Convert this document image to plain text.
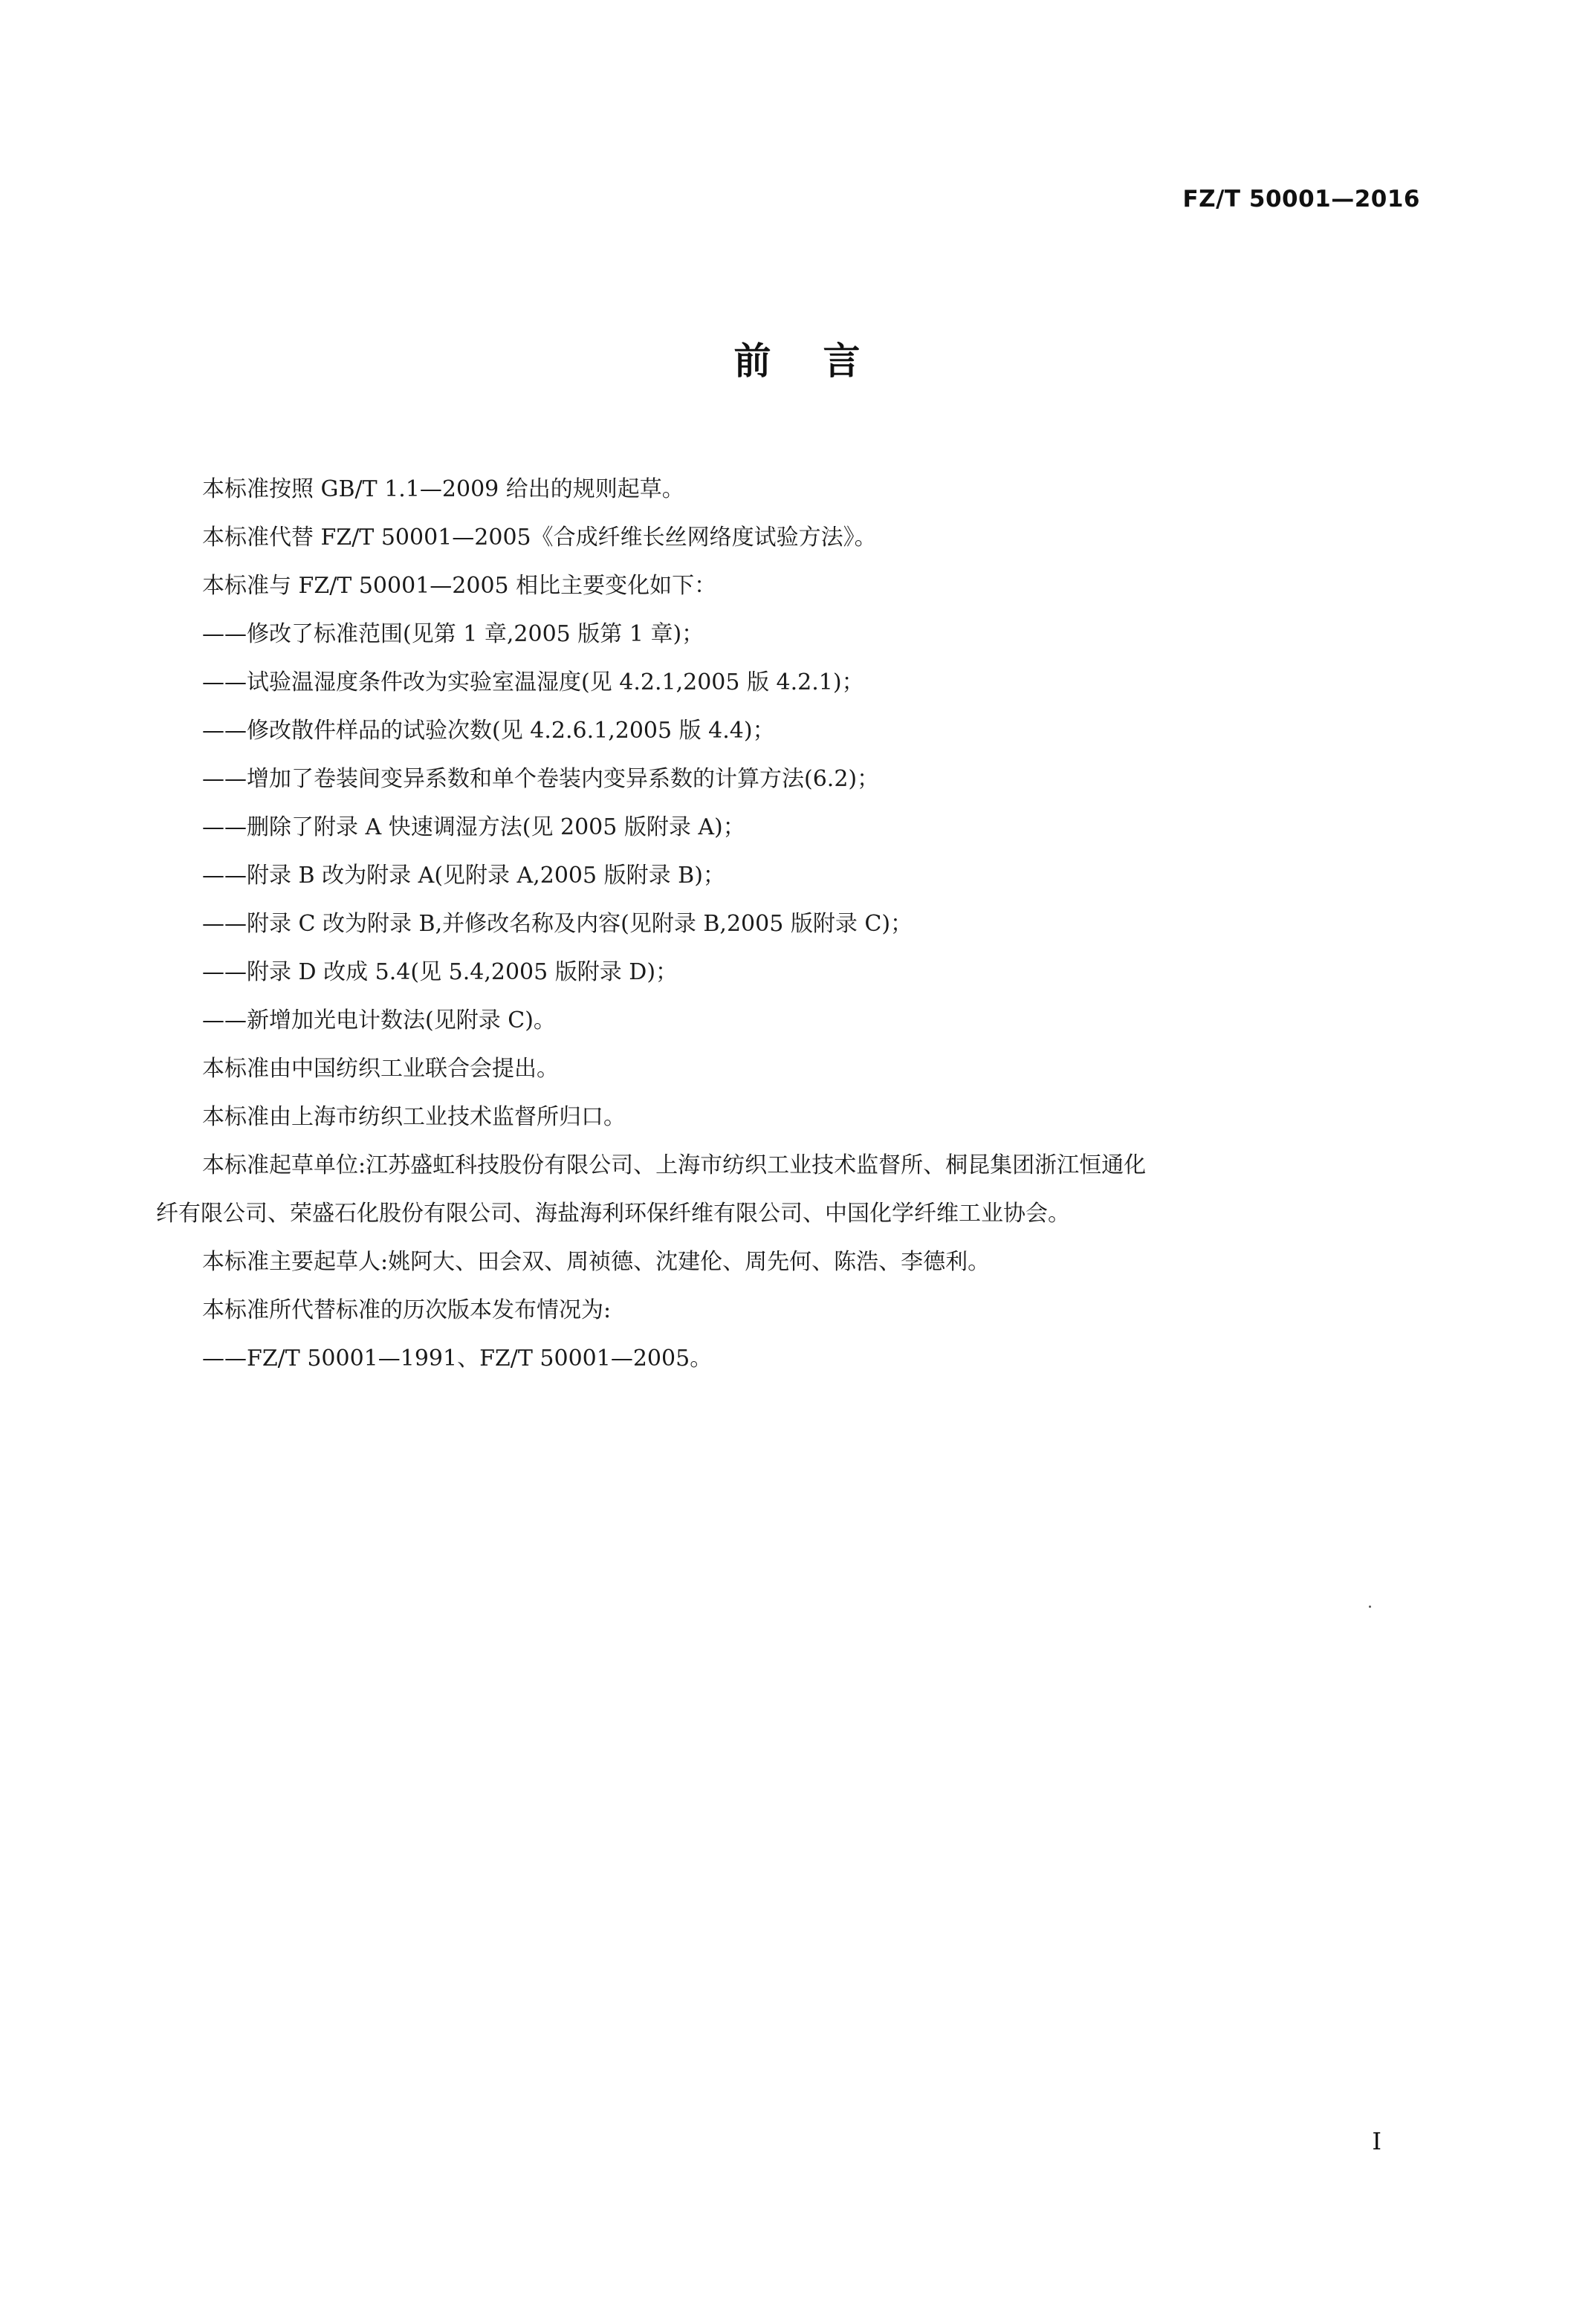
FZ/T 50001—2016
前言

本标准按照 GB/T 1.1—2009 给出的规则起草。

本标准代替 FZ/T 50001—2005《合成纤维长丝网络度试验方法》。

本标准与 FZ/T 50001—2005 相比主要变化如下：

——修改了标准范围(见第 1 章,2005 版第 1 章)；

——试验温湿度条件改为实验室温湿度(见 4.2.1,2005 版 4.2.1)；

——修改散件样品的试验次数(见 4.2.6.1,2005 版 4.4)；

——增加了卷装间变异系数和单个卷装内变异系数的计算方法(6.2)；

——删除了附录 A 快速调湿方法(见 2005 版附录 A)；

——附录 B 改为附录 A(见附录 A,2005 版附录 B)；

——附录 C 改为附录 B,并修改名称及内容(见附录 B,2005 版附录 C)；

——附录 D 改成 5.4(见 5.4,2005 版附录 D)；

——新增加光电计数法(见附录 C)。

本标准由中国纺织工业联合会提出。

本标准由上海市纺织工业技术监督所归口。

本标准起草单位:江苏盛虹科技股份有限公司、上海市纺织工业技术监督所、桐昆集团浙江恒通化
纤有限公司、荣盛石化股份有限公司、海盐海利环保纤维有限公司、中国化学纤维工业协会。

本标准主要起草人:姚阿大、田会双、周祯德、沈建伦、周先何、陈浩、李德利。

本标准所代替标准的历次版本发布情况为:

——FZ/T 50001—1991、FZ/T 50001—2005。

I
